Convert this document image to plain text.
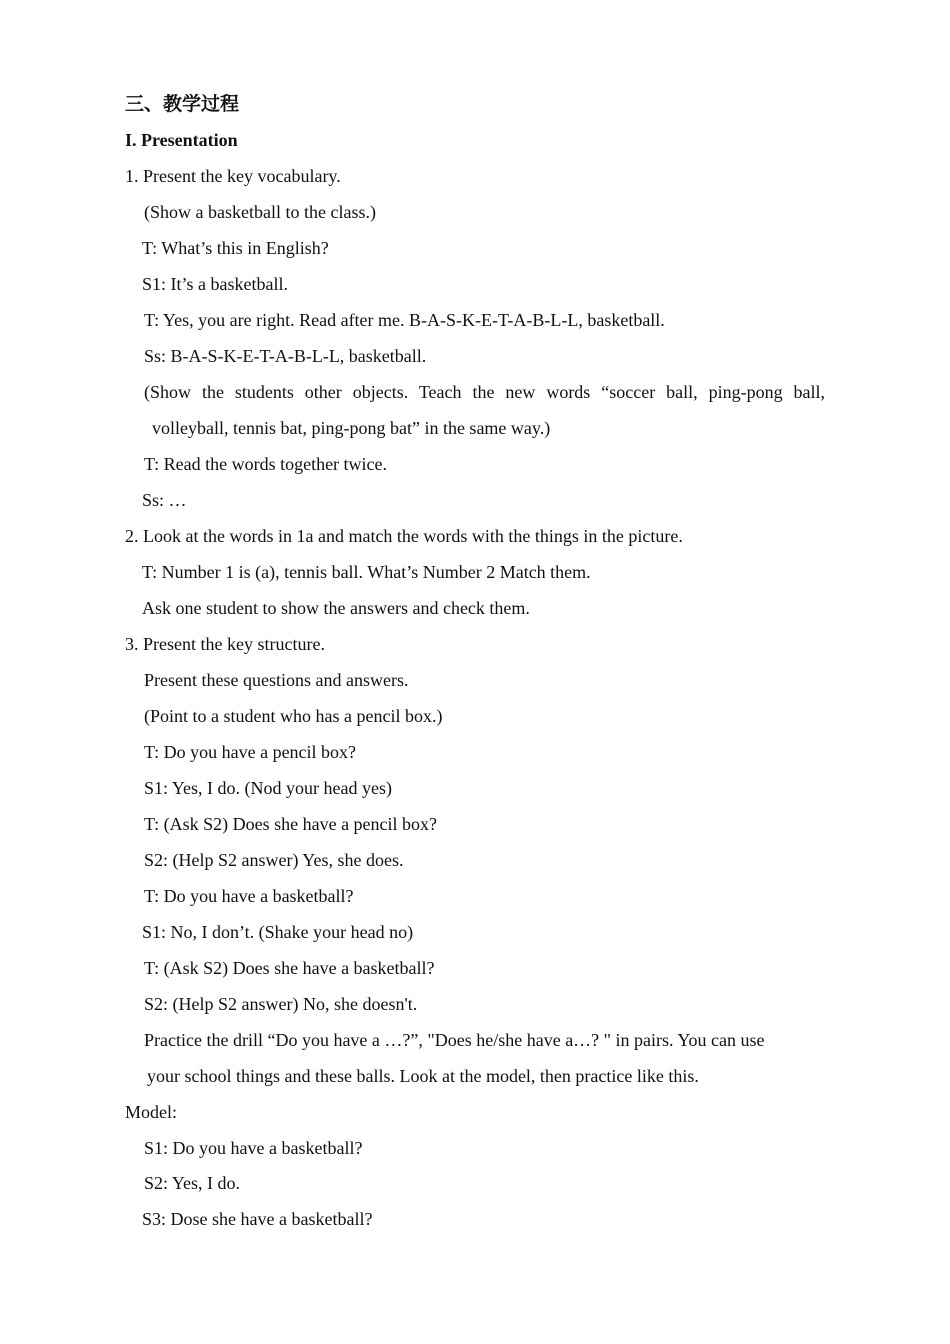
三、教学过程
I. Presentation
1. Present the key vocabulary.
(Show a basketball to the class.)
T: What’s this in English?
S1: It’s a basketball.
T: Yes, you are right. Read after me. B-A-S-K-E-T-A-B-L-L, basketball.
Ss: B-A-S-K-E-T-A-B-L-L, basketball.
(Show the students other objects. Teach the new words “soccer ball, ping-pong ball,
volleyball, tennis bat, ping-pong bat” in the same way.)
T: Read the words together twice.
Ss: …
2. Look at the words in 1a and match the words with the things in the picture.
T: Number 1 is (a), tennis ball. What’s Number 2 Match them.
Ask one student to show the answers and check them.
3. Present the key structure.
Present these questions and answers.
(Point to a student who has a pencil box.)
T: Do you have a pencil box?
S1: Yes, I do. (Nod your head yes)
T: (Ask S2) Does she have a pencil box?
S2: (Help S2 answer) Yes, she does.
T: Do you have a basketball?
S1: No, I don’t. (Shake your head no)
T: (Ask S2) Does she have a basketball?
S2: (Help S2 answer) No, she doesn't.
Practice the drill “Do you have a …?”, "Does he/she have a…? " in pairs. You can use
your school things and these balls. Look at the model, then practice like this.
Model:
S1: Do you have a basketball?
S2: Yes, I do.
S3: Dose she have a basketball?
